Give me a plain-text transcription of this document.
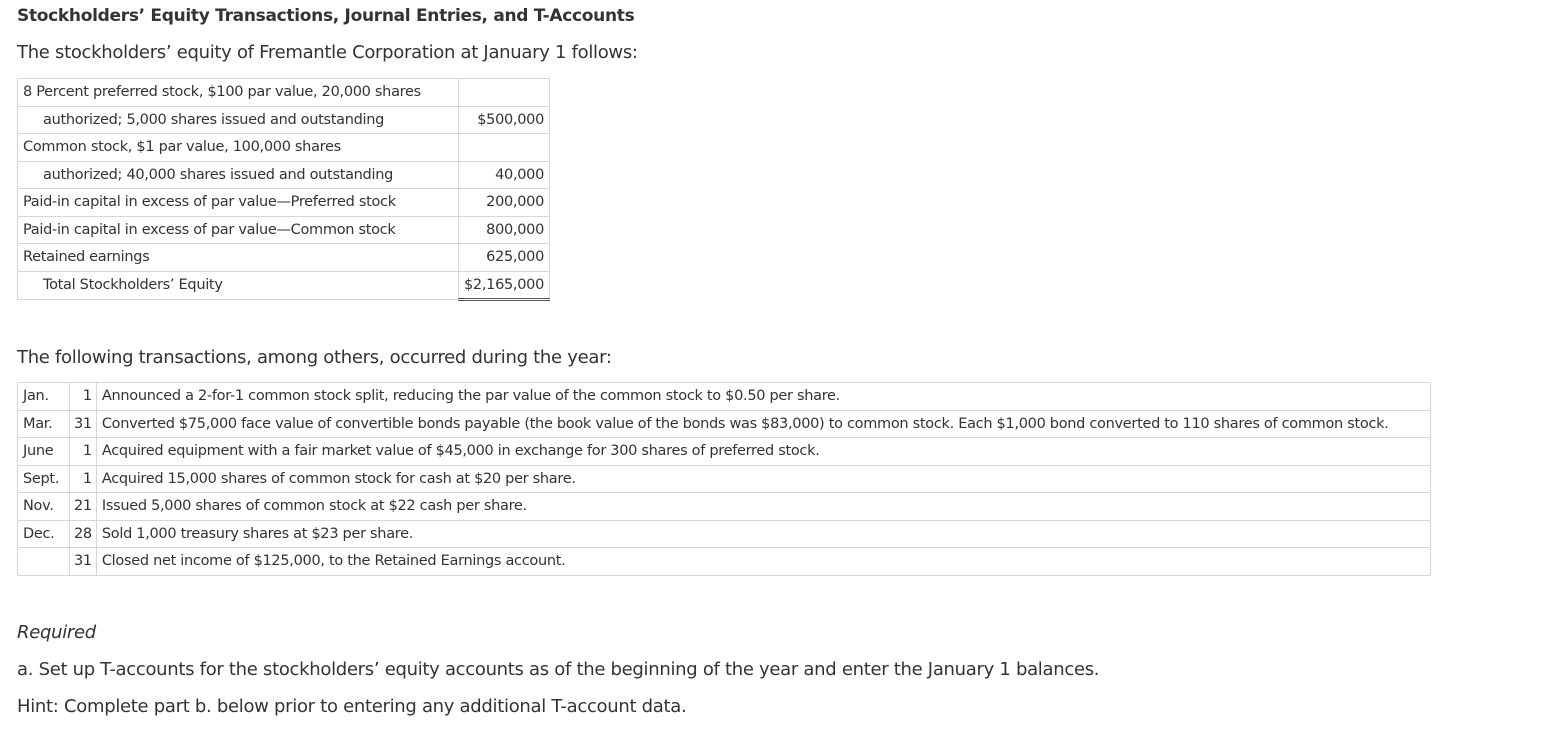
Stockholders’ Equity Transactions, Journal Entries, and T-Accounts
The stockholders’ equity of Fremantle Corporation at January 1 follows:
8 Percent preferred stock, $100 par value, 20,000 shares	
authorized; 5,000 shares issued and outstanding	$500,000
Common stock, $1 par value, 100,000 shares	
authorized; 40,000 shares issued and outstanding	40,000
Paid-in capital in excess of par value—Preferred stock	200,000
Paid-in capital in excess of par value—Common stock	800,000
Retained earnings	625,000
Total Stockholders’ Equity	$2,165,000
The following transactions, among others, occurred during the year:
Jan.	1	Announced a 2-for-1 common stock split, reducing the par value of the common stock to $0.50 per share.
Mar.	31	Converted $75,000 face value of convertible bonds payable (the book value of the bonds was $83,000) to common stock. Each $1,000 bond converted to 110 shares of common stock.
June	1	Acquired equipment with a fair market value of $45,000 in exchange for 300 shares of preferred stock.
Sept.	1	Acquired 15,000 shares of common stock for cash at $20 per share.
Nov.	21	Issued 5,000 shares of common stock at $22 cash per share.
Dec.	28	Sold 1,000 treasury shares at $23 per share.
	31	Closed net income of $125,000, to the Retained Earnings account.
Required
a. Set up T-accounts for the stockholders’ equity accounts as of the beginning of the year and enter the January 1 balances.
Hint: Complete part b. below prior to entering any additional T-account data.
